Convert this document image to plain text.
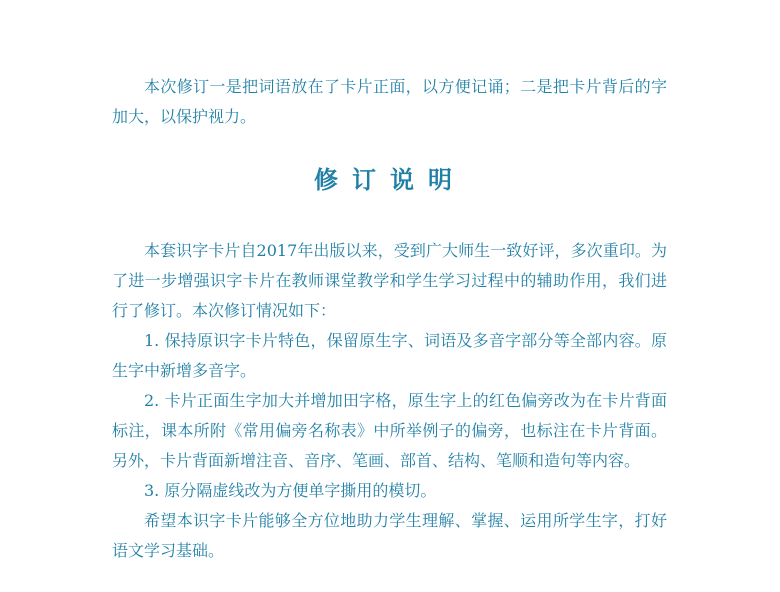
本次修订一是把词语放在了卡片正面，以方便记诵；二是把卡片背后的字加大，以保护视力。

修订说明

本套识字卡片自2017年出版以来，受到广大师生一致好评，多次重印。为了进一步增强识字卡片在教师课堂教学和学生学习过程中的辅助作用，我们进行了修订。本次修订情况如下：

1. 保持原识字卡片特色，保留原生字、词语及多音字部分等全部内容。原生字中新增多音字。

2. 卡片正面生字加大并增加田字格，原生字上的红色偏旁改为在卡片背面标注，课本所附《常用偏旁名称表》中所举例子的偏旁，也标注在卡片背面。另外，卡片背面新增注音、音序、笔画、部首、结构、笔顺和造句等内容。

3. 原分隔虚线改为方便单字撕用的模切。

希望本识字卡片能够全方位地助力学生理解、掌握、运用所学生字，打好语文学习基础。
